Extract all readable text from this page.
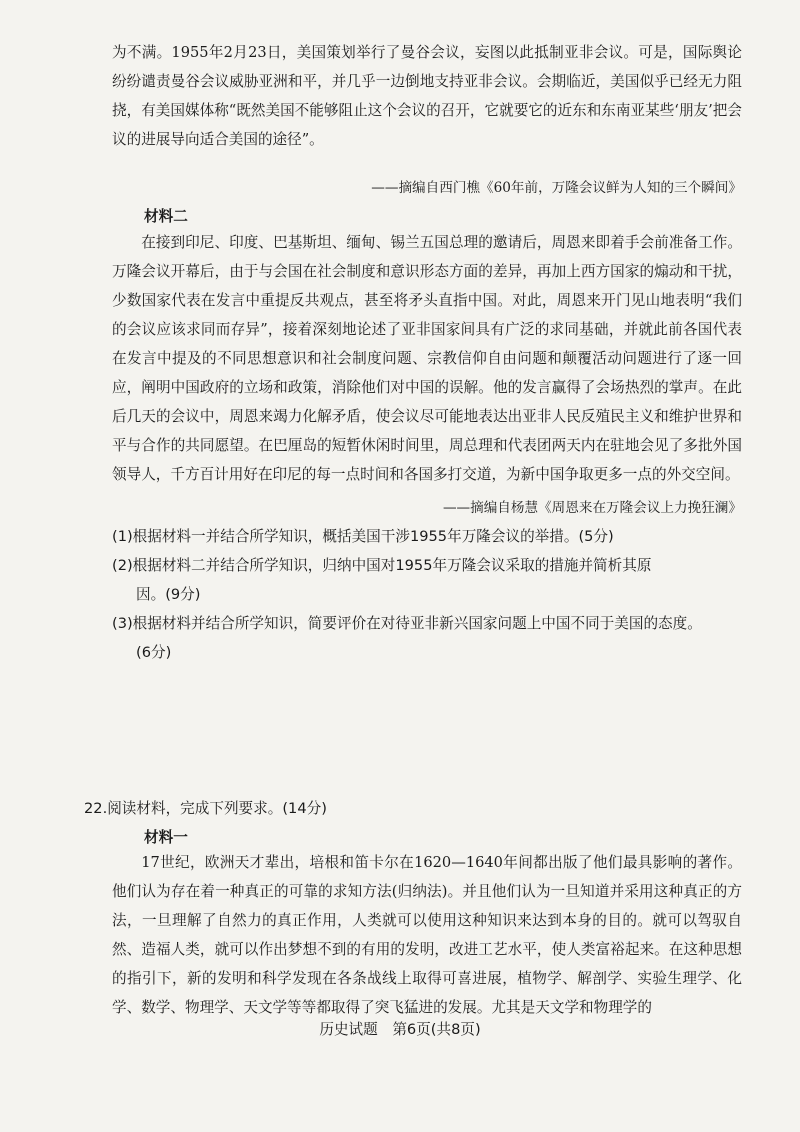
为不满。1955年2月23日，美国策划举行了曼谷会议，妄图以此抵制亚非会议。可是，国际舆论纷纷谴责曼谷会议威胁亚洲和平，并几乎一边倒地支持亚非会议。会期临近，美国似乎已经无力阻挠，有美国媒体称“既然美国不能够阻止这个会议的召开，它就要它的近东和东南亚某些‘朋友’把会议的进展导向适合美国的途径”。

——摘编自西门樵《60年前，万隆会议鲜为人知的三个瞬间》

材料二

在接到印尼、印度、巴基斯坦、缅甸、锡兰五国总理的邀请后，周恩来即着手会前准备工作。万隆会议开幕后，由于与会国在社会制度和意识形态方面的差异，再加上西方国家的煽动和干扰，少数国家代表在发言中重提反共观点，甚至将矛头直指中国。对此，周恩来开门见山地表明“我们的会议应该求同而存异”，接着深刻地论述了亚非国家间具有广泛的求同基础，并就此前各国代表在发言中提及的不同思想意识和社会制度问题、宗教信仰自由问题和颠覆活动问题进行了逐一回应，阐明中国政府的立场和政策，消除他们对中国的误解。他的发言赢得了会场热烈的掌声。在此后几天的会议中，周恩来竭力化解矛盾，使会议尽可能地表达出亚非人民反殖民主义和维护世界和平与合作的共同愿望。在巴厘岛的短暂休闲时间里，周总理和代表团两天内在驻地会见了多批外国领导人，千方百计用好在印尼的每一点时间和各国多打交道，为新中国争取更多一点的外交空间。

——摘编自杨慧《周恩来在万隆会议上力挽狂澜》

(1)根据材料一并结合所学知识，概括美国干涉1955年万隆会议的举措。(5分)
(2)根据材料二并结合所学知识，归纳中国对1955年万隆会议采取的措施并简析其原
因。(9分)
(3)根据材料并结合所学知识，简要评价在对待亚非新兴国家问题上中国不同于美国的态度。
(6分)

22.阅读材料，完成下列要求。(14分)

材料一

17世纪，欧洲天才辈出，培根和笛卡尔在1620—1640年间都出版了他们最具影响的著作。他们认为存在着一种真正的可靠的求知方法(归纳法)。并且他们认为一旦知道并采用这种真正的方法，一旦理解了自然力的真正作用，人类就可以使用这种知识来达到本身的目的。就可以驾驭自然、造福人类，就可以作出梦想不到的有用的发明，改进工艺水平，使人类富裕起来。在这种思想的指引下，新的发明和科学发现在各条战线上取得可喜进展，植物学、解剖学、实验生理学、化学、数学、物理学、天文学等等都取得了突飞猛进的发展。尤其是天文学和物理学的

历史试题　第6页(共8页)
